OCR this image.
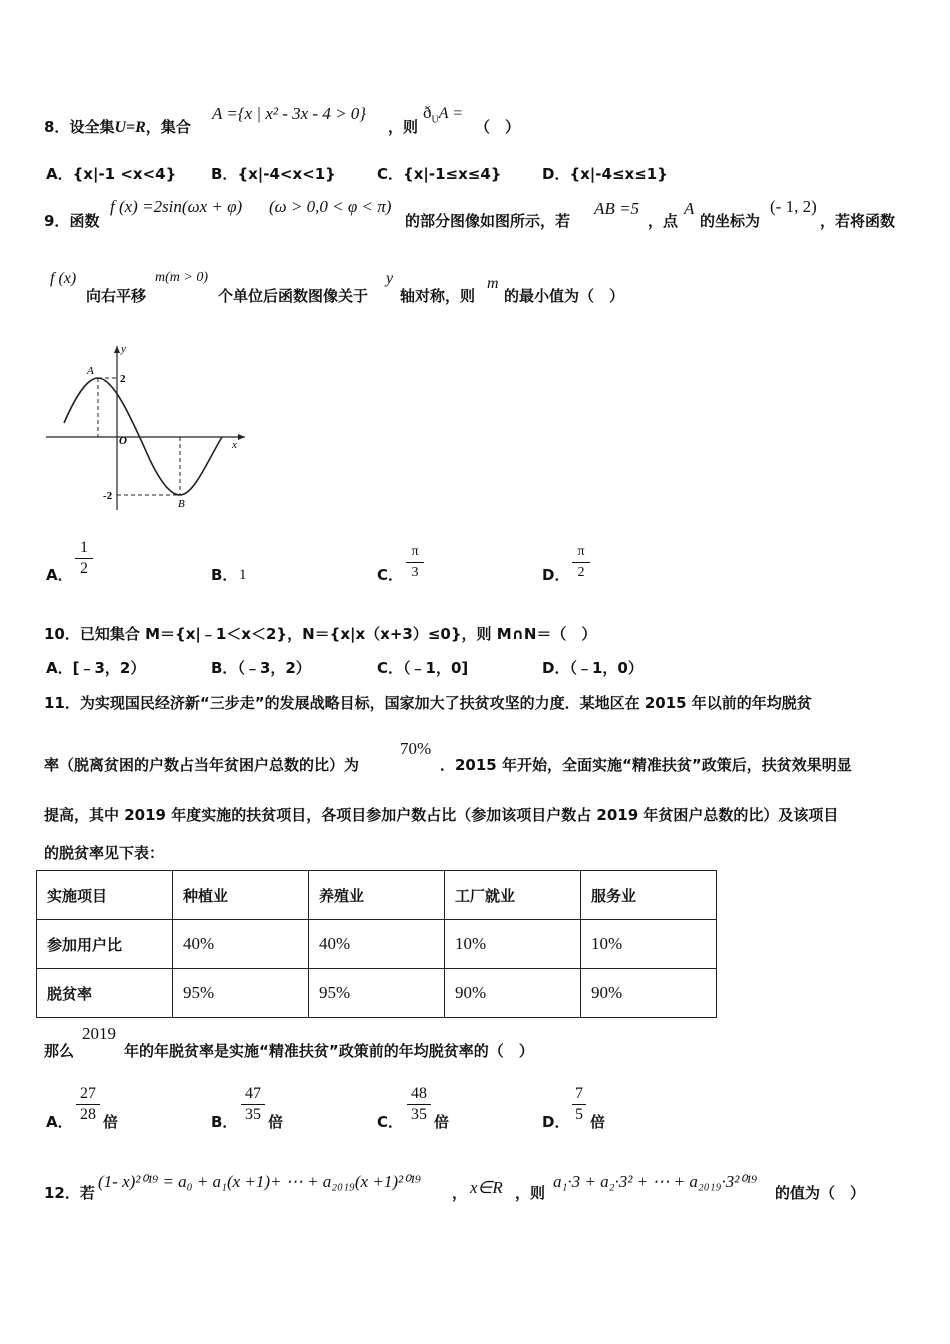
8．设全集U=R，集合
A ={x | x² - 3x - 4 > 0}
，则
$ð_UA$ =
（　）
A．{x|-1 <x<4} B．{x|-4<x<1}	C．{x|-1≤x≤4}	D．{x|-4≤x≤1}
9．函数
f (x) =2sin(ωx + φ) (ω > 0,0 < φ < π)
的部分图像如图所示，若
AB =5
，点
A
的坐标为
(- 1, 2)
，若将函数
f (x)
向右平移
m(m > 0)
个单位后函数图像关于
y
轴对称，则
m
的最小值为（　）
A
2
O	x
y
-2
B
A．
1
2	B． 1	C．
π
3	D．
π
2
10．已知集合 M＝{x|﹣1＜x＜2}，N＝{x|x（x+3）≤0}，则 M∩N＝（　）
A．[﹣3，2）	B．（﹣3，2）	C．（﹣1，0]	D．（﹣1，0）
11．为实现国民经济新“三步走”的发展战略目标，国家加大了扶贫攻坚的力度．某地区在 2015 年以前的年均脱贫
率（脱离贫困的户数占当年贫困户总数的比）为
70%
．2015 年开始，全面实施“精准扶贫”政策后，扶贫效果明显
提高，其中 2019 年度实施的扶贫项目，各项目参加户数占比（参加该项目户数占 2019 年贫困户总数的比）及该项目
的脱贫率见下表：
实施项目	种植业	养殖业	工厂就业	服务业
参加用户比	40%	40%	10%	10%
脱贫率	95%	95%	90%	90%
那么
2019
年的年脱贫率是实施“精准扶贫”政策前的年均脱贫率的（　）
A．
27
28 倍	B．
47
35 倍	C．
48
35 倍	D．
7
5 倍
12．若
(1- x)²⁰¹⁹ = a₀ + a₁(x +1)+ ⋯ + a₂₀₁₉(x +1)²⁰¹⁹
， x∈R ，则
a₁·3 + a₂·3² + ⋯ + a₂₀₁₉·3²⁰¹⁹
的值为（　）
